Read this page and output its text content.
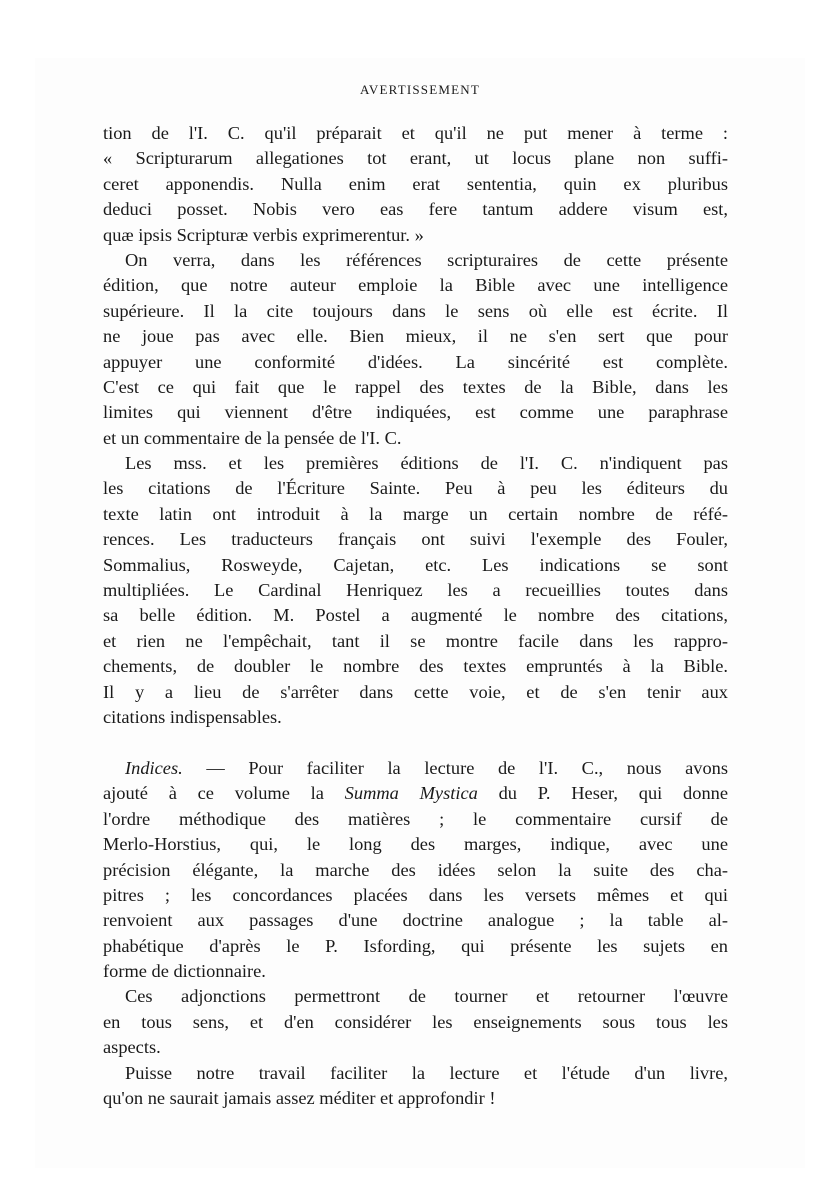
AVERTISSEMENT

tion de l'I. C. qu'il préparait et qu'il ne put mener à terme :
« Scripturarum allegationes tot erant, ut locus plane non suffi-
ceret apponendis. Nulla enim erat sententia, quin ex pluribus
deduci posset. Nobis vero eas fere tantum addere visum est,
quæ ipsis Scripturæ verbis exprimerentur. »

On verra, dans les références scripturaires de cette présente
édition, que notre auteur emploie la Bible avec une intelligence
supérieure. Il la cite toujours dans le sens où elle est écrite. Il
ne joue pas avec elle. Bien mieux, il ne s'en sert que pour
appuyer une conformité d'idées. La sincérité est complète.
C'est ce qui fait que le rappel des textes de la Bible, dans les
limites qui viennent d'être indiquées, est comme une paraphrase
et un commentaire de la pensée de l'I. C.

Les mss. et les premières éditions de l'I. C. n'indiquent pas
les citations de l'Écriture Sainte. Peu à peu les éditeurs du
texte latin ont introduit à la marge un certain nombre de réfé-
rences. Les traducteurs français ont suivi l'exemple des Fouler,
Sommalius, Rosweyde, Cajetan, etc. Les indications se sont
multipliées. Le Cardinal Henriquez les a recueillies toutes dans
sa belle édition. M. Postel a augmenté le nombre des citations,
et rien ne l'empêchait, tant il se montre facile dans les rappro-
chements, de doubler le nombre des textes empruntés à la Bible.
Il y a lieu de s'arrêter dans cette voie, et de s'en tenir aux
citations indispensables.

Indices. — Pour faciliter la lecture de l'I. C., nous avons
ajouté à ce volume la Summa Mystica du P. Heser, qui donne
l'ordre méthodique des matières ; le commentaire cursif de
Merlo-Horstius, qui, le long des marges, indique, avec une
précision élégante, la marche des idées selon la suite des cha-
pitres ; les concordances placées dans les versets mêmes et qui
renvoient aux passages d'une doctrine analogue ; la table al-
phabétique d'après le P. Isfording, qui présente les sujets en
forme de dictionnaire.

Ces adjonctions permettront de tourner et retourner l'œuvre
en tous sens, et d'en considérer les enseignements sous tous les
aspects.

Puisse notre travail faciliter la lecture et l'étude d'un livre,
qu'on ne saurait jamais assez méditer et approfondir !
